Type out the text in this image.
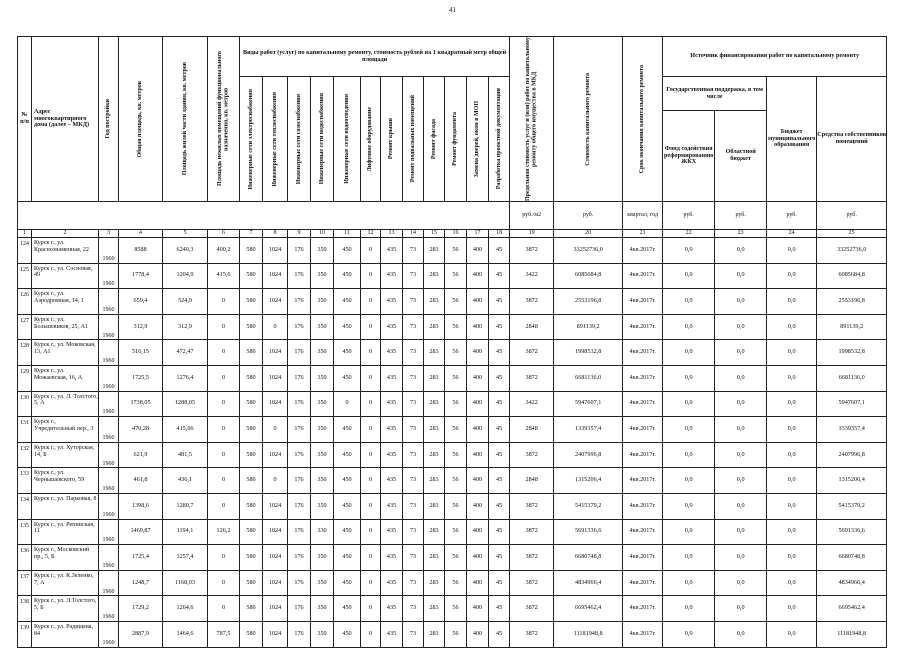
41
№ п/п	Адрес многоквартирного дома (далее – МКД)	Год постройки	Общая площадь, кв. метров	Площадь жилой части здания, кв. метров	Площадь нежилых помещений функционального назначения, кв. метров	Виды работ (услуг) по капитальному ремонту, стоимость рублей на 1 квадратный метр общей площади												Предельная стоимость услуг и (или) работ по капитальному ремонту общего имущества в МКД	Стоимость капитального ремонта	Срок окончания капитального ремонта	Источник финансирования работ по капитальному ремонту			

						Инженерные сети электроснабжения	Инженерные сети теплоснабжения	Инженерные сети газоснабжения	Инженерные сети водоснабжения	Инженерные сети водоотведения	Лифтовое оборудование	Ремонт крыши	Ремонт подвальных помещений	Ремонт фасада	Ремонт фундамента	Замена дверей, окон в МОП	Разработка проектной документации				Государственная поддержка, в том числе		Бюджет муниципального образования	Средства собственников помещений
																					Фонд содействия реформированию ЖКХ	Областной бюджет		
																		руб./м2	руб.	квартал, год	руб.	руб.	руб.	руб.
1	2	3	4	5	6	7	8	9	10	11	12	13	14	15	16	17	18	19	20	21	22	23	24	25
124	Курск г., ул. Краснознаменная, 22	1960	8588	6240,3	400,2	580	1024	176	350	450	0	435	73	283	56	400	45	3872	33252736,0	4кв.2017г.	0,0	0,0	0,0	33252736,0
125	Курск г., ул. Сосновая, 49	1960	1778,4	1204,9	415,6	580	1024	176	350	450	0	435	73	283	56	400	45	3422	6085684,8	4кв.2017г.	0,0	0,0	0,0	6085684,8
126	Курск г., ул. Аэродромная, 14, 1	1960	659,4	524,9	0	580	1024	176	350	450	0	435	73	283	56	400	45	3872	2553196,8	4кв.2017г.	0,0	0,0	0,0	2553196,8
127	Курск г., ул. Большевиков, 25, А1	1960	312,9	312,9	0	580	0	176	350	450	0	435	73	283	56	400	45	2848	891139,2	4кв.2017г.	0,0	0,0	0,0	891139,2
128	Курск г., ул. Моковская, 13, А1	1960	516,15	472,47	0	580	1024	176	350	450	0	435	73	283	56	400	45	3872	1998532,8	4кв.2017г.	0,0	0,0	0,0	1998532,8
129	Курск г., ул. Можаевская, 16, А	1960	1725,5	1276,4	0	580	1024	176	350	450	0	435	73	283	56	400	45	3872	6681136,0	4кв.2017г.	0,0	0,0	0,0	6681136,0
130	Курск г., ул. Л. Толстого, 5, А	1960	1738,05	1288,05	0	580	1024	176	350	0	0	435	73	283	56	400	45	3422	5947607,1	4кв.2017г.	0,0	0,0	0,0	5947607,1
131	Курск г., Учредительный пер., 3	1960	470,28	415,66	0	580	0	176	350	450	0	435	73	283	56	400	45	2848	1339357,4	4кв.2017г.	0,0	0,0	0,0	1339357,4
132	Курск г., ул. Хуторская, 14, Б	1960	621,9	481,5	0	580	1024	176	350	450	0	435	73	283	56	400	45	3872	2407996,8	4кв.2017г.	0,0	0,0	0,0	2407996,8
133	Курск г., ул. Чернышевского, 59	1960	461,8	436,1	0	580	0	176	350	450	0	435	73	283	56	400	45	2848	1315206,4	4кв.2017г.	0,0	0,0	0,0	1315206,4
134	Курск г., ул. Парковая, 8	1960	1398,6	1280,7	0	580	1024	176	350	450	0	435	73	283	56	400	45	3872	5415379,2	4кв.2017г.	0,0	0,0	0,0	5415379,2
135	Курск г., ул. Репинская, 11	1960	1469,87	1194,1	126,2	580	1024	176	330	450	0	435	73	283	56	400	45	3872	5691336,6	4кв.2017г.	0,0	0,0	0,0	5691336,6
136	Курск г., Московский пр., 5, Б	1960	1725,4	1257,4	0	580	1024	176	350	450	0	435	73	283	56	400	45	3872	6680748,8	4кв.2017г.	0,0	0,0	0,0	6680748,8
137	Курск г., ул. К.Зеленко, 7, А	1960	1248,7	1168,03	0	580	1024	176	350	450	0	435	73	283	56	400	45	3872	4834966,4	4кв.2017г.	0,0	0,0	0,0	4834966,4
138	Курск г., ул. Л.Толстого, 5, Б	1960	1729,2	1264,6	0	580	1024	176	350	450	0	435	73	283	56	400	45	3872	6695462,4	4кв.2017г.	0,0	0,0	0,0	6695462,4
139	Курск г., ул. Радищева, 84	1960	2887,9	1464,6	787,5	580	1024	176	350	450	0	435	73	283	56	400	45	3872	11181948,8	4кв.2017г.	0,0	0,0	0,0	11181948,8
